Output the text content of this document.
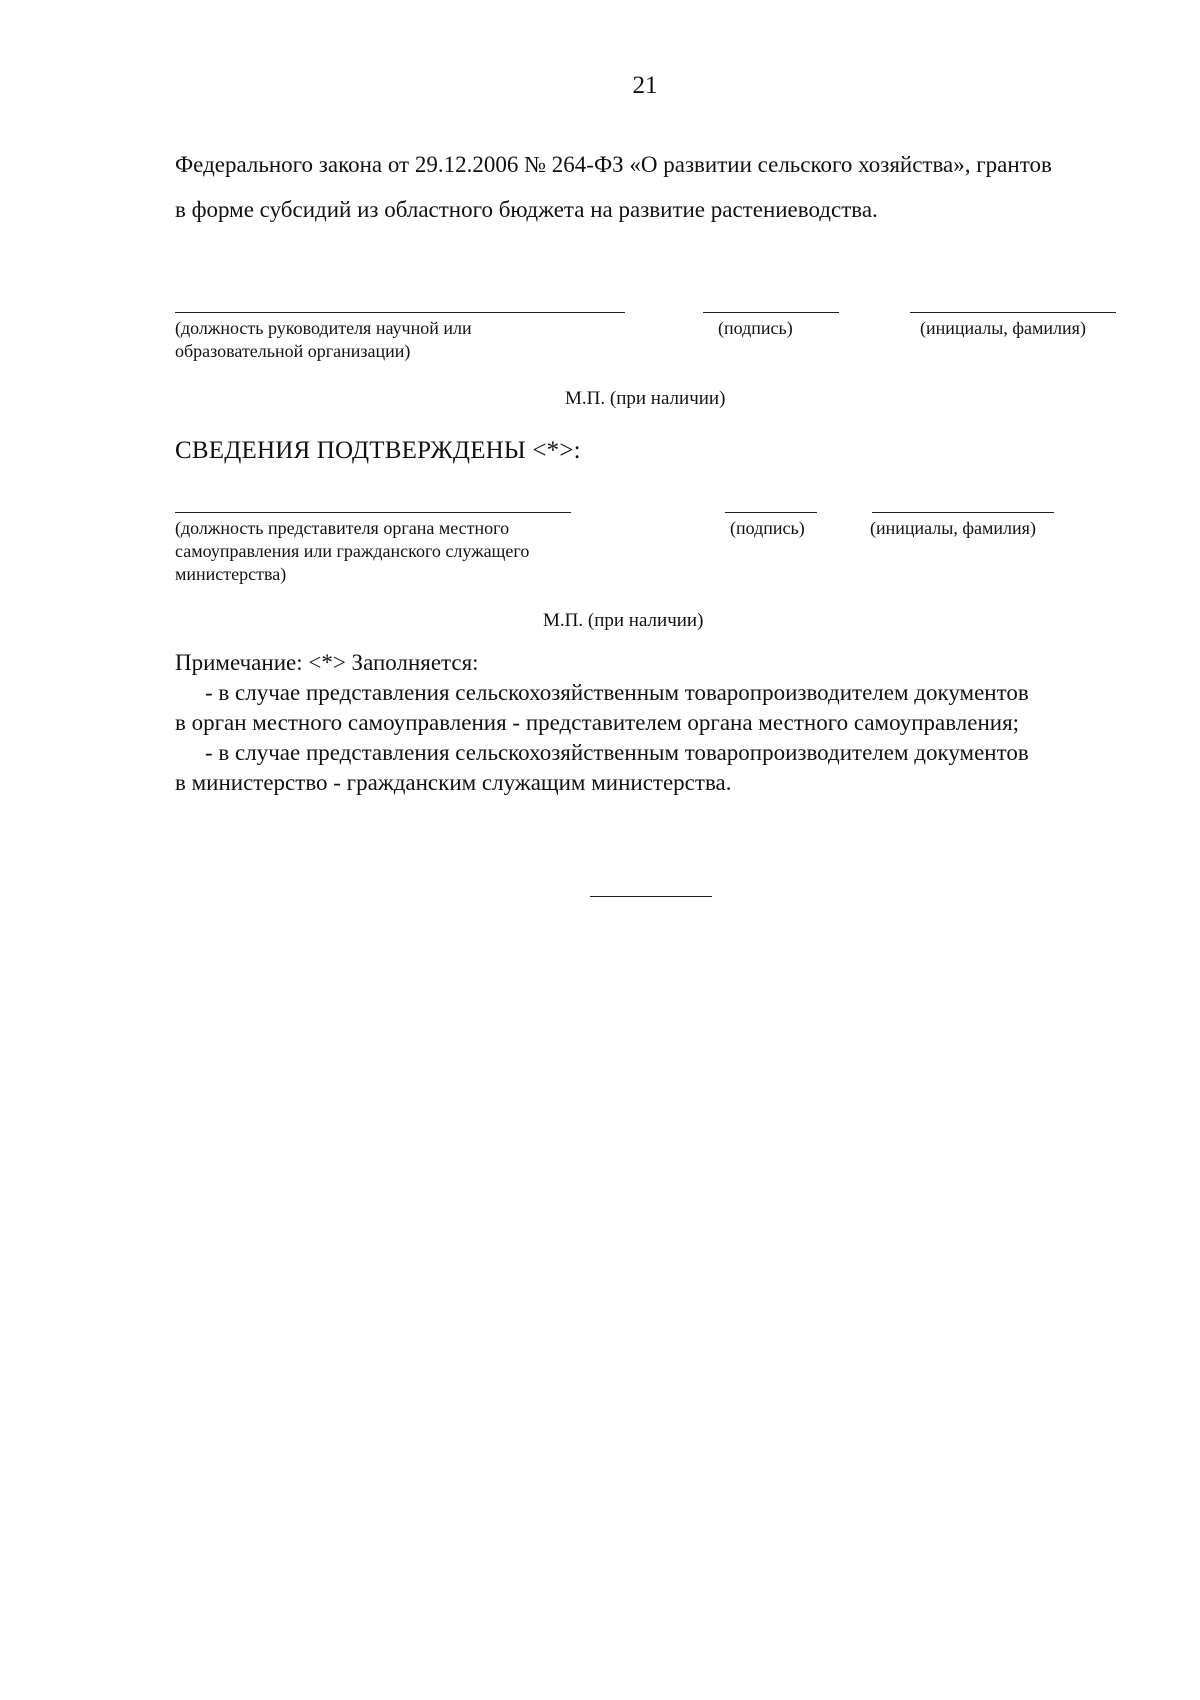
21

Федерального закона от 29.12.2006 № 264-ФЗ «О развитии сельского хозяйства», грантов
в форме субсидий из областного бюджета на развитие растениеводства.

(должность руководителя научной или
образовательной организации)

(подпись)	(инициалы, фамилия)

М.П. (при наличии)
СВЕДЕНИЯ ПОДТВЕРЖДЕНЫ <*>:

(должность представителя органа местного
самоуправления или гражданского служащего
министерства)

(подпись)	(инициалы, фамилия)

М.П. (при наличии)
Примечание: <*> Заполняется:
- в случае представления сельскохозяйственным товаропроизводителем документов
в орган местного самоуправления - представителем органа местного самоуправления;
- в случае представления сельскохозяйственным товаропроизводителем документов
в министерство - гражданским служащим министерства.
